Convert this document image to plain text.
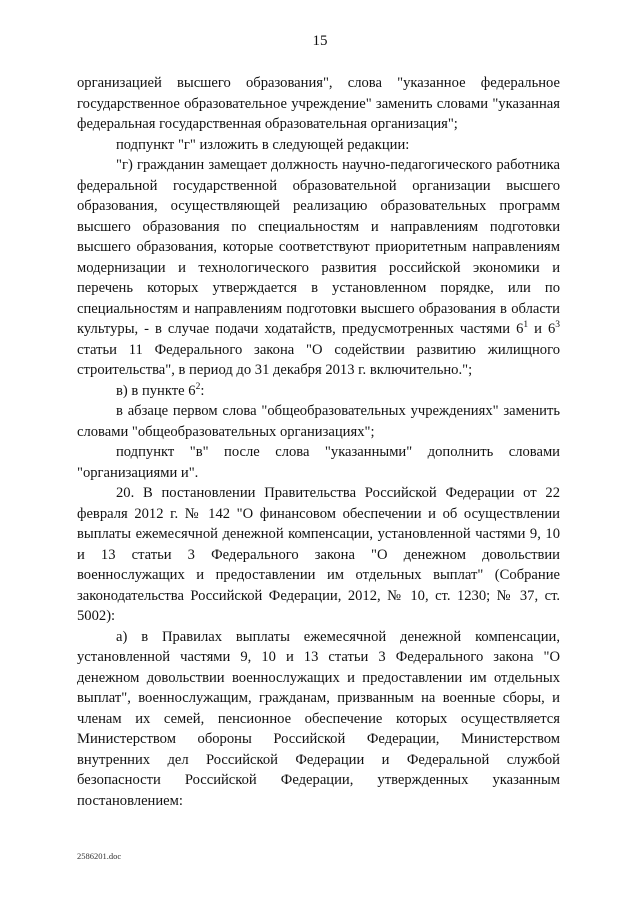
15

организацией высшего образования", слова "указанное федеральное государственное образовательное учреждение" заменить словами "указанная федеральная государственная образовательная организация";

подпункт "г" изложить в следующей редакции:

"г) гражданин замещает должность научно-педагогического работника федеральной государственной образовательной организации высшего образования, осуществляющей реализацию образовательных программ высшего образования по специальностям и направлениям подготовки высшего образования, которые соответствуют приоритетным направлениям модернизации и технологического развития российской экономики и перечень которых утверждается в установленном порядке, или по специальностям и направлениям подготовки высшего образования в области культуры, - в случае подачи ходатайств, предусмотренных частями $6^1$ и $6^3$ статьи 11 Федерального закона "О содействии развитию жилищного строительства", в период до 31 декабря 2013 г. включительно.";

в) в пункте $6^2$:

в абзаце первом слова "общеобразовательных учреждениях" заменить словами "общеобразовательных организациях";

подпункт "в" после слова "указанными" дополнить словами "организациями и".

20. В постановлении Правительства Российской Федерации от 22 февраля 2012 г. № 142 "О финансовом обеспечении и об осуществлении выплаты ежемесячной денежной компенсации, установленной частями 9, 10 и 13 статьи 3 Федерального закона "О денежном довольствии военнослужащих и предоставлении им отдельных выплат" (Собрание законодательства Российской Федерации, 2012, № 10, ст. 1230; № 37, ст. 5002):

а) в Правилах выплаты ежемесячной денежной компенсации, установленной частями 9, 10 и 13 статьи 3 Федерального закона "О денежном довольствии военнослужащих и предоставлении им отдельных выплат", военнослужащим, гражданам, призванным на военные сборы, и членам их семей, пенсионное обеспечение которых осуществляется Министерством обороны Российской Федерации, Министерством внутренних дел Российской Федерации и Федеральной службой безопасности Российской Федерации, утвержденных указанным постановлением:

2586201.doc
